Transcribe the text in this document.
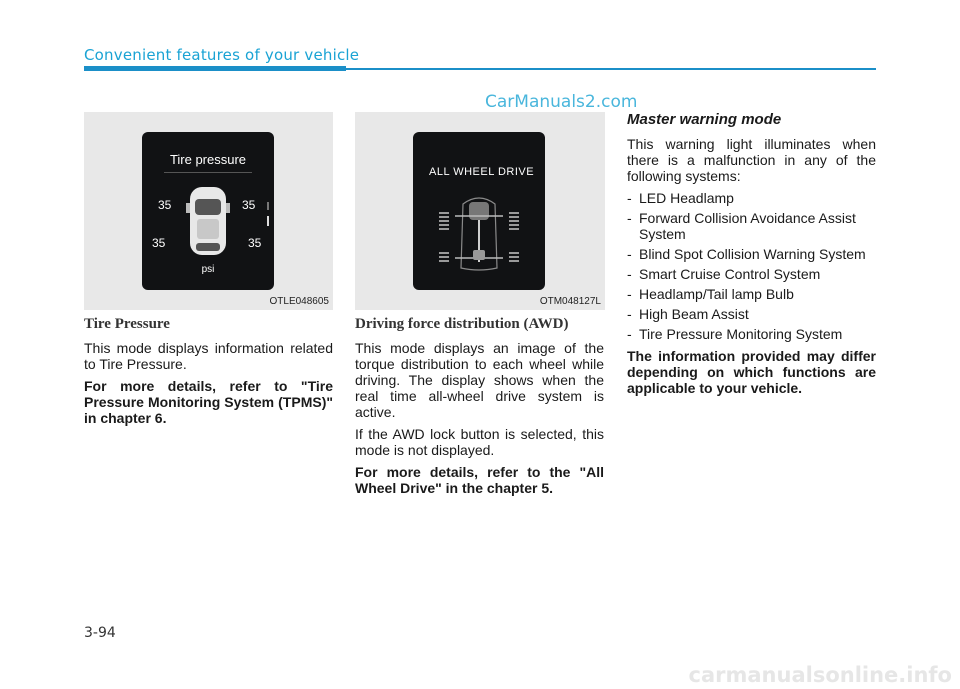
Convenient features of your vehicle
CarManuals2.com
Tire pressure
35	35
35	35
psi
OTLE048605
ALL WHEEL DRIVE
OTM048127L

Tire Pressure

This mode displays information related to Tire Pressure.

For more details, refer to "Tire Pressure Monitoring System (TPMS)" in chapter 6.

Driving force distribution (AWD)

This mode displays an image of the torque distribution to each wheel while driving. The display shows when the real time all-wheel drive system is active.

If the AWD lock button is selected, this mode is not displayed.

For more details, refer to the "All Wheel Drive" in the chapter 5.

Master warning mode

This warning light illuminates when there is a malfunction in any of the following systems:

- LED Headlamp
- Forward Collision Avoidance Assist System
- Blind Spot Collision Warning System
- Smart Cruise Control System
- Headlamp/Tail lamp Bulb
- High Beam Assist
- Tire Pressure Monitoring System

The information provided may differ depending on which functions are applicable to your vehicle.

3-94
carmanualsonline.info
